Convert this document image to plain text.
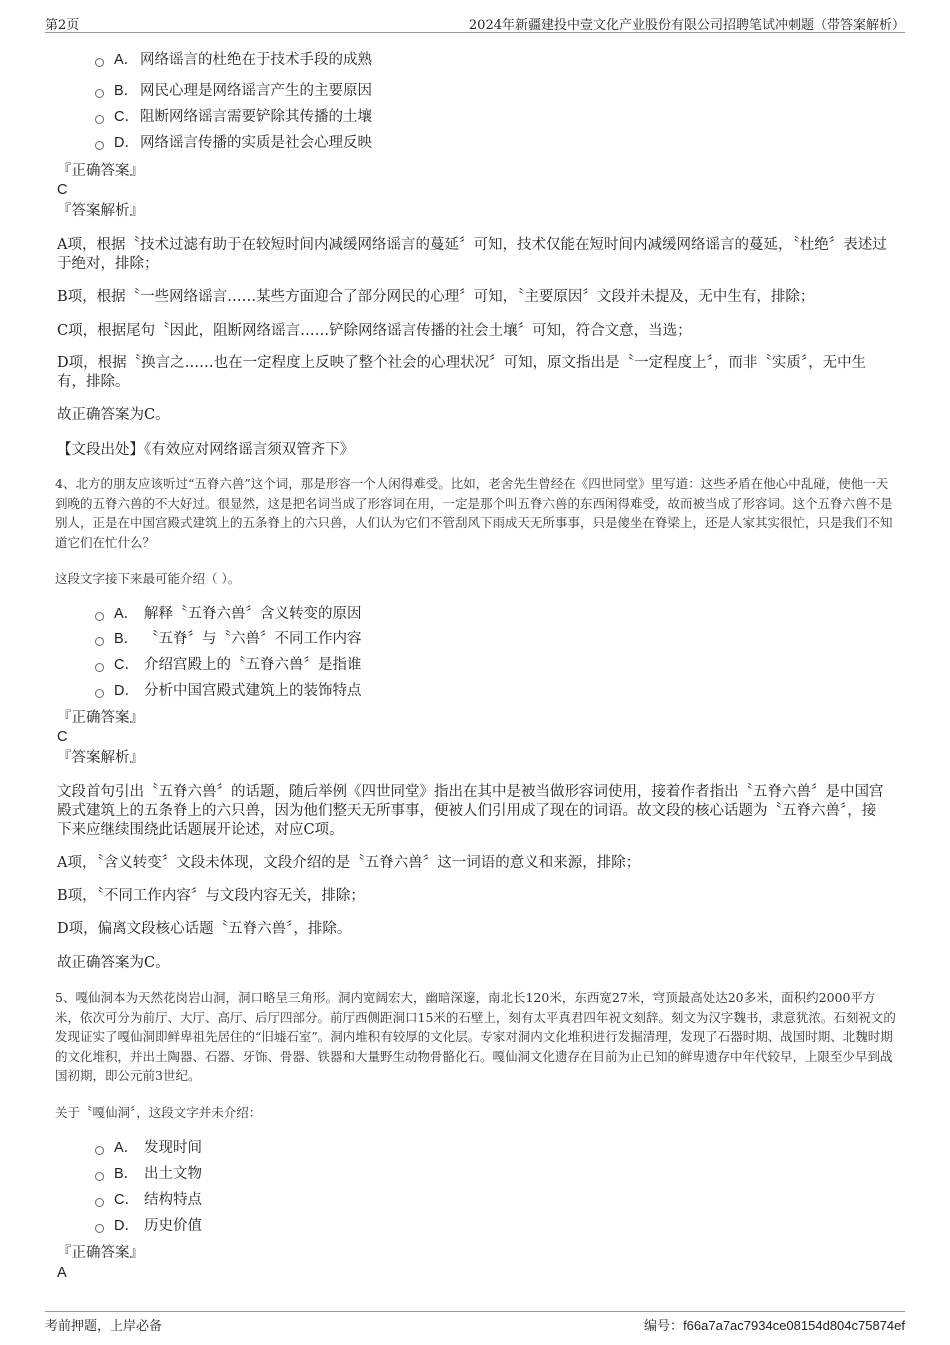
第2页	2024年新疆建投中壹文化产业股份有限公司招聘笔试冲刺题（带答案解析）
A． 网络谣言的杜绝在于技术手段的成熟
B． 网民心理是网络谣言产生的主要原因
C．阻断网络谣言需要铲除其传播的土壤
D．网络谣言传播的实质是社会心理反映
『正确答案』
C
『答案解析』
A项，根据〝技术过滤有助于在较短时间内减缓网络谣言的蔓延〞可知，技术仅能在短时间内减缓网络谣言的蔓延，〝杜绝〞表述过于绝对，排除；
B项，根据〝一些网络谣言……某些方面迎合了部分网民的心理〞可知，〝主要原因〞文段并未提及，无中生有，排除；
C项，根据尾句〝因此，阻断网络谣言……铲除网络谣言传播的社会土壤〞可知，符合文意，当选；
D项，根据〝换言之……也在一定程度上反映了整个社会的心理状况〞可知，原文指出是〝一定程度上〞，而非〝实质〞，无中生有，排除。
故正确答案为C。
【文段出处】《有效应对网络谣言须双管齐下》
4、北方的朋友应该听过“五脊六兽”这个词，那是形容一个人闲得难受。比如，老舍先生曾经在《四世同堂》里写道：这些矛盾在他心中乱碰，使他一天到晚的五脊六兽的不大好过。很显然，这是把名词当成了形容词在用，一定是那个叫五脊六兽的东西闲得难受，故而被当成了形容词。这个五脊六兽不是别人，正是在中国宫殿式建筑上的五条脊上的六只兽，人们认为它们不管刮风下雨成天无所事事，只是傻坐在脊梁上，还是人家其实很忙，只是我们不知道它们在忙什么？
这段文字接下来最可能介绍（ ）。
A． 解释〝五脊六兽〞含义转变的原因
B． 〝五脊〞与〝六兽〞不同工作内容
C． 介绍宫殿上的〝五脊六兽〞是指谁
D． 分析中国宫殿式建筑上的装饰特点
『正确答案』
C
『答案解析』
文段首句引出〝五脊六兽〞的话题，随后举例《四世同堂》指出在其中是被当做形容词使用，接着作者指出〝五脊六兽〞是中国宫殿式建筑上的五条脊上的六只兽，因为他们整天无所事事，便被人们引用成了现在的词语。故文段的核心话题为〝五脊六兽〞，接下来应继续围绕此话题展开论述，对应C项。
A项，〝含义转变〞文段未体现，文段介绍的是〝五脊六兽〞这一词语的意义和来源，排除；
B项，〝不同工作内容〞与文段内容无关，排除；
D项，偏离文段核心话题〝五脊六兽〞，排除。
故正确答案为C。
5、嘎仙洞本为天然花岗岩山洞，洞口略呈三角形。洞内宽阔宏大，幽暗深邃，南北长120米，东西宽27米，穹顶最高处达20多米，面积约2000平方米，依次可分为前厅、大厅、高厅、后厅四部分。前厅西侧距洞口15米的石壁上，刻有太平真君四年祝文刻辞。刻文为汉字魏书，隶意犹浓。石刻祝文的发现证实了嘎仙洞即鲜卑祖先居住的“旧墟石室”。洞内堆积有较厚的文化层。专家对洞内文化堆积进行发掘清理，发现了石器时期、战国时期、北魏时期的文化堆积，并出土陶器、石器、牙饰、骨器、铁器和大量野生动物骨骼化石。嘎仙洞文化遗存在目前为止已知的鲜卑遗存中年代较早，上限至少早到战国初期，即公元前3世纪。
关于〝嘎仙洞〞，这段文字并未介绍：
A． 发现时间
B． 出土文物
C． 结构特点
D． 历史价值
『正确答案』
A
考前押题，上岸必备	编号：f66a7a7ac7934ce08154d804c75874ef
